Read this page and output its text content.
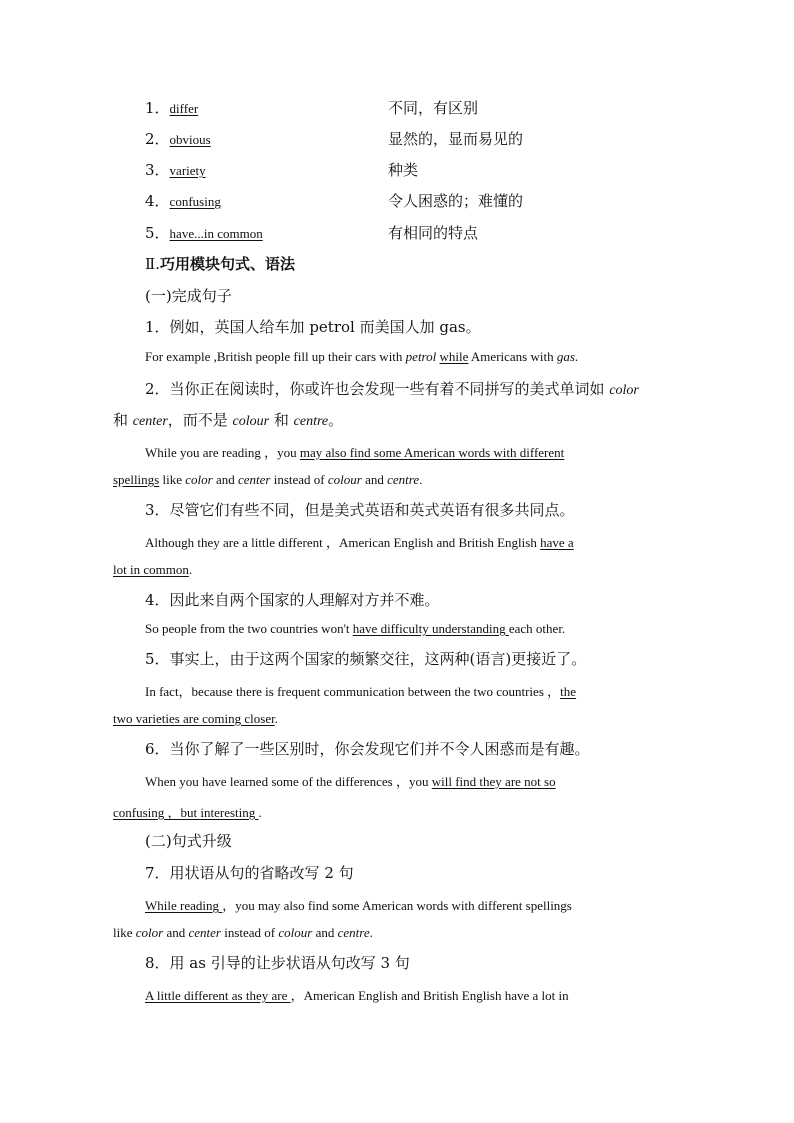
1．differ	不同，有区别
2．obvious	显然的，显而易见的
3．variety	种类
4．confusing	令人困惑的；难懂的
5．have...in common	有相同的特点
Ⅱ.巧用模块句式、语法
(一)完成句子
1．例如，英国人给车加 petrol 而美国人加 gas。
For example ,British people fill up their cars with petrol while Americans with gas.
2．当你正在阅读时，你或许也会发现一些有着不同拼写的美式单词如 color
和 center，而不是 colour 和 centre。
While you are reading ，you may also find some American words with different
spellings like color and center instead of colour and centre.
3．尽管它们有些不同，但是美式英语和英式英语有很多共同点。
Although they are a little different ，American English and British English have a
lot in common.
4．因此来自两个国家的人理解对方并不难。
So people from the two countries won't have difficulty understanding each other.
5．事实上，由于这两个国家的频繁交往，这两种(语言)更接近了。
In fact，because there is frequent communication between the two countries ，the
two varieties are coming closer.
6．当你了解了一些区别时，你会发现它们并不令人困惑而是有趣。
When you have learned some of the differences ，you will find they are not so
confusing ，but interesting .
(二)句式升级
7．用状语从句的省略改写 2 句
While reading ，you may also find some American words with different spellings
like color and center instead of colour and centre.
8．用 as 引导的让步状语从句改写 3 句
A little different as they are ，American English and British English have a lot in
